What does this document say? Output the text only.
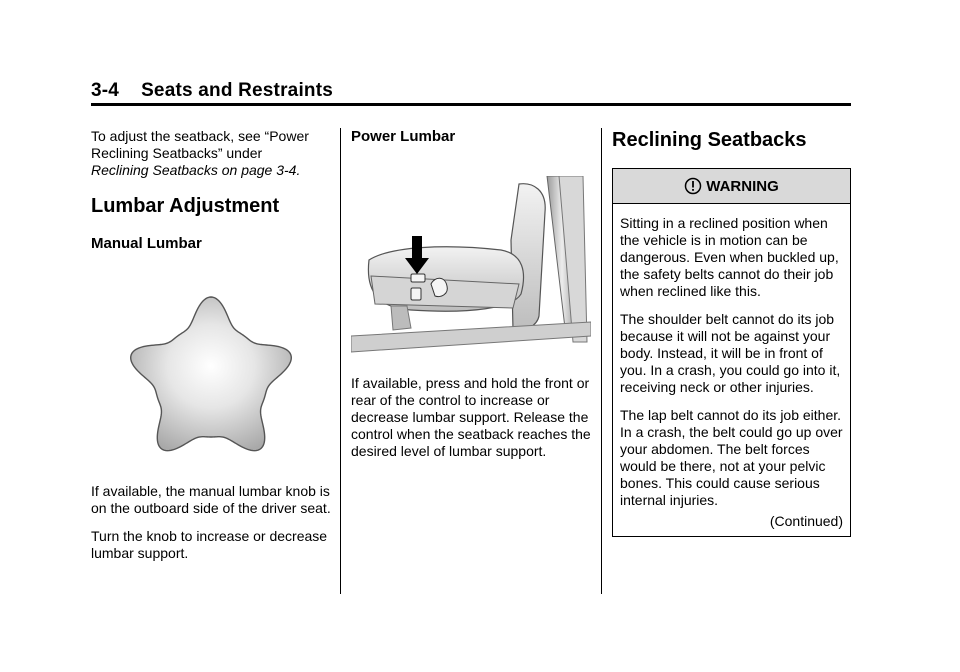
3-4 Seats and Restraints

To adjust the seatback, see “Power Reclining Seatbacks” under
Reclining Seatbacks on page 3-4.

Lumbar Adjustment
Manual Lumbar

If available, the manual lumbar knob is on the outboard side of the driver seat.

Turn the knob to increase or decrease lumbar support.

Power Lumbar

If available, press and hold the front or rear of the control to increase or decrease lumbar support. Release the control when the seatback reaches the desired level of lumbar support.

Reclining Seatbacks
WARNING

Sitting in a reclined position when the vehicle is in motion can be dangerous. Even when buckled up, the safety belts cannot do their job when reclined like this.

The shoulder belt cannot do its job because it will not be against your body. Instead, it will be in front of you. In a crash, you could go into it, receiving neck or other injuries.

The lap belt cannot do its job either. In a crash, the belt could go up over your abdomen. The belt forces would be there, not at your pelvic bones. This could cause serious internal injuries.

(Continued)
